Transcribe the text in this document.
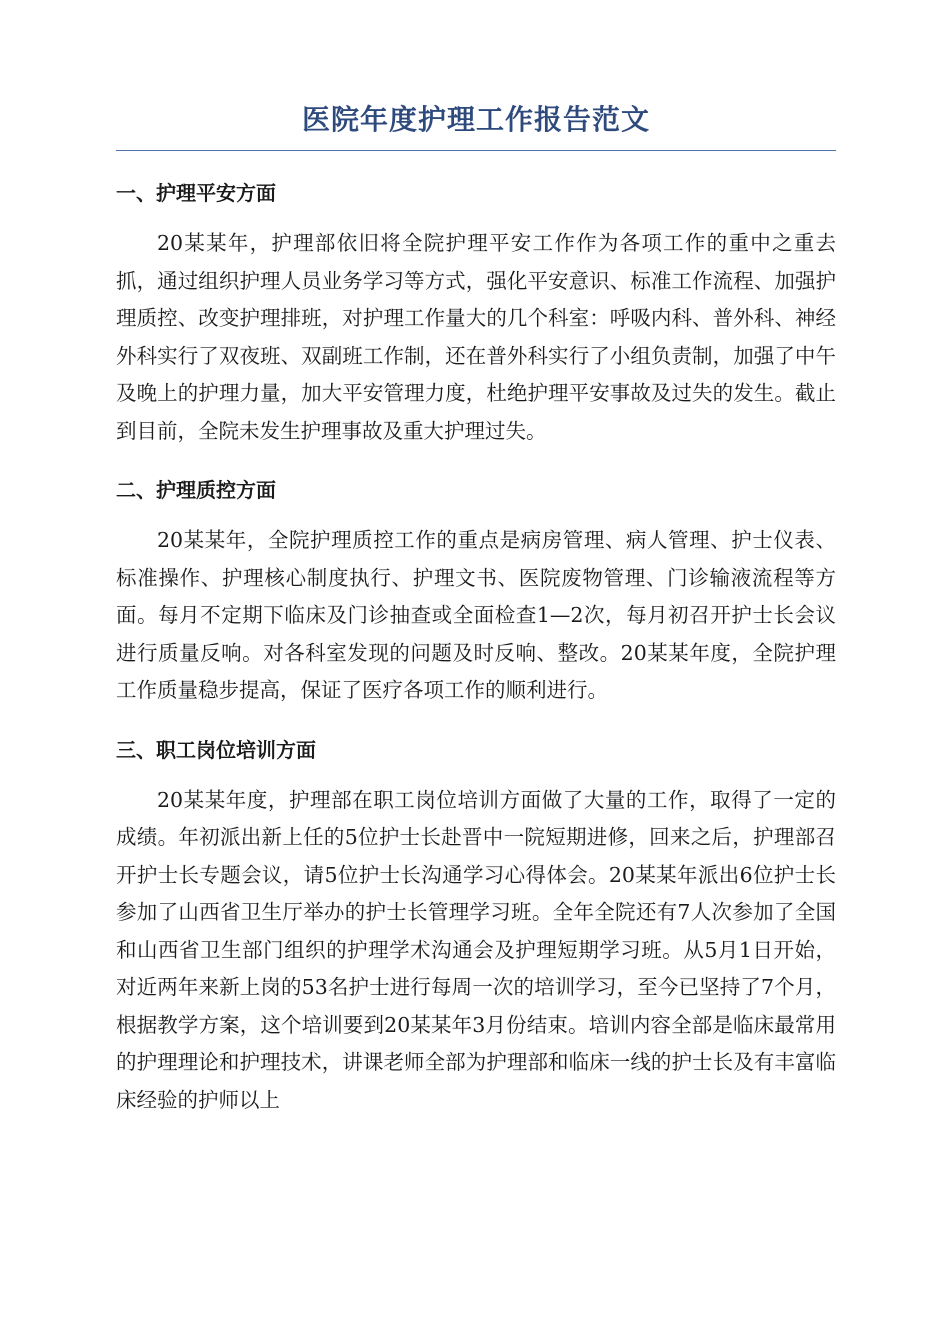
医院年度护理工作报告范文
一、护理平安方面

20某某年，护理部依旧将全院护理平安工作作为各项工作的重中之重去抓，通过组织护理人员业务学习等方式，强化平安意识、标准工作流程、加强护理质控、改变护理排班，对护理工作量大的几个科室：呼吸内科、普外科、神经外科实行了双夜班、双副班工作制，还在普外科实行了小组负责制，加强了中午及晚上的护理力量，加大平安管理力度，杜绝护理平安事故及过失的发生。截止到目前，全院未发生护理事故及重大护理过失。

二、护理质控方面

20某某年，全院护理质控工作的重点是病房管理、病人管理、护士仪表、标准操作、护理核心制度执行、护理文书、医院废物管理、门诊输液流程等方面。每月不定期下临床及门诊抽查或全面检查1—2次，每月初召开护士长会议进行质量反响。对各科室发现的问题及时反响、整改。20某某年度，全院护理工作质量稳步提高，保证了医疗各项工作的顺利进行。

三、职工岗位培训方面

20某某年度，护理部在职工岗位培训方面做了大量的工作，取得了一定的成绩。年初派出新上任的5位护士长赴晋中一院短期进修，回来之后，护理部召开护士长专题会议，请5位护士长沟通学习心得体会。20某某年派出6位护士长参加了山西省卫生厅举办的护士长管理学习班。全年全院还有7人次参加了全国和山西省卫生部门组织的护理学术沟通会及护理短期学习班。从5月1日开始，对近两年来新上岗的53名护士进行每周一次的培训学习，至今已坚持了7个月，根据教学方案，这个培训要到20某某年3月份结束。培训内容全部是临床最常用的护理理论和护理技术，讲课老师全部为护理部和临床一线的护士长及有丰富临床经验的护师以上
